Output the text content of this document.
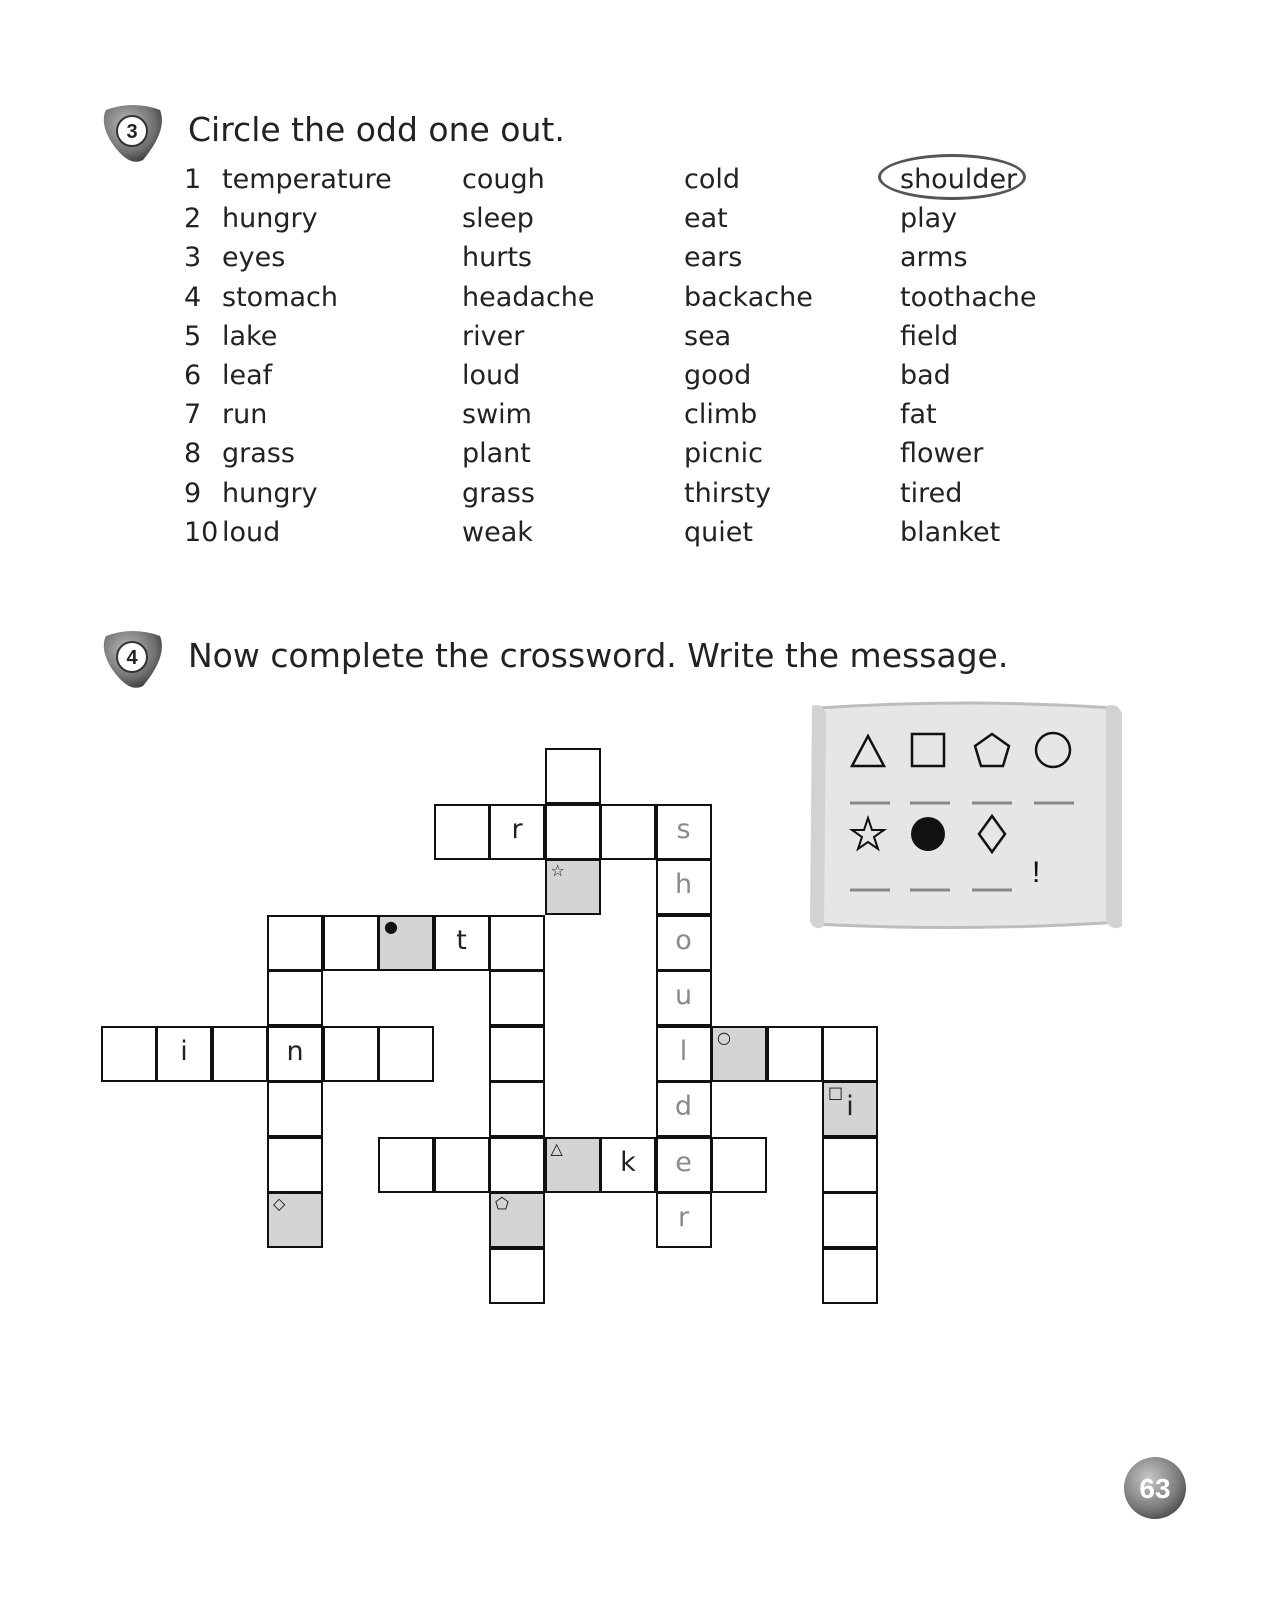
3 Circle the odd one out.
1 temperature	cough	cold	shoulder
2 hungry	sleep	eat	play
3 eyes	hurts	ears	arms
4 stomach	headache	backache	toothache
5 lake	river	sea	field
6 leaf	loud	good	bad
7 run	swim	climb	fat
8 grass	plant	picnic	flower
9 hungry	grass	thirsty	tired
10 loud	weak	quiet	blanket
4 Now complete the crossword. Write the message.
r	s
☆	h
●	t	o
u
i	n	l	○
d	□ i
△	k	e
◇	⬠	r
!
63
